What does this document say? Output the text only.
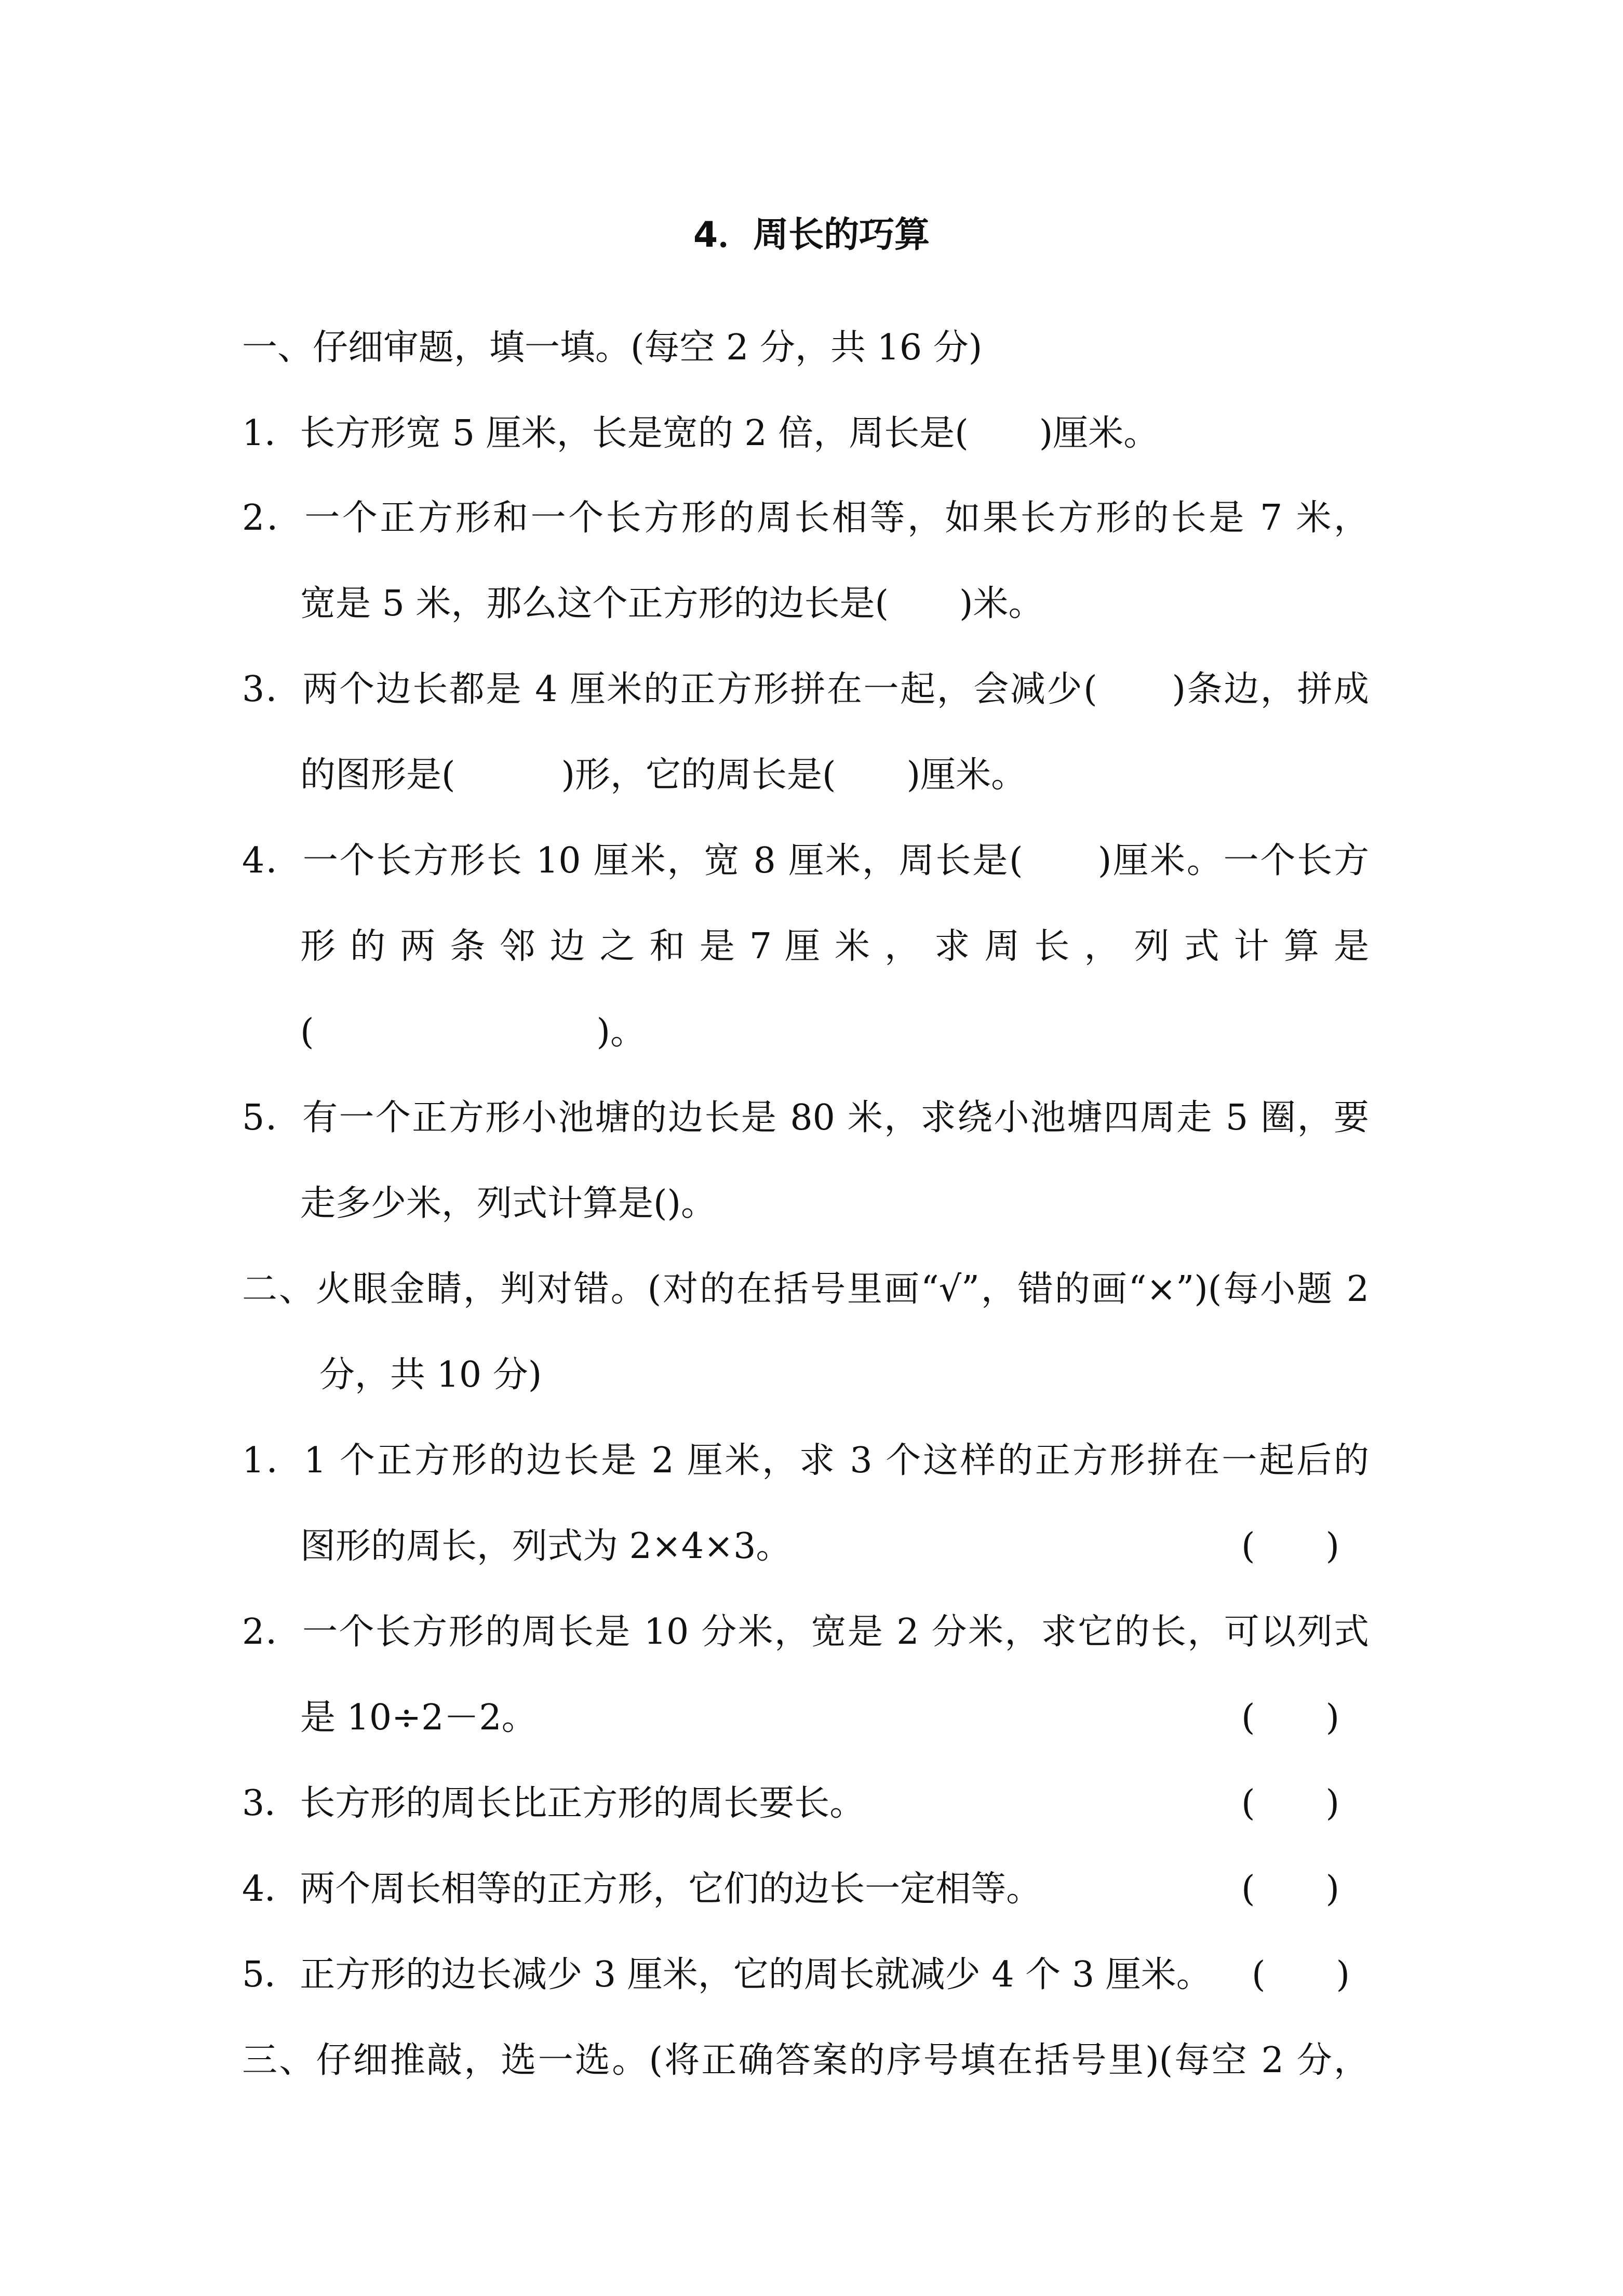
4．周长的巧算
一、仔细审题，填一填。(每空 2 分，共 16 分)
1．长方形宽 5 厘米，长是宽的 2 倍，周长是(　　)厘米。
2．一个正方形和一个长方形的周长相等，如果长方形的长是 7 米，
宽是 5 米，那么这个正方形的边长是(　　)米。
3．两个边长都是 4 厘米的正方形拼在一起，会减少(　　)条边，拼成
的图形是(　　　)形，它的周长是(　　)厘米。
4．一个长方形长 10 厘米，宽 8 厘米，周长是(　　)厘米。一个长方
形 的 两 条 邻 边 之 和 是 7 厘 米 ， 求 周 长 ， 列 式 计 算 是
(　　　　　　　　)。
5．有一个正方形小池塘的边长是 80 米，求绕小池塘四周走 5 圈，要
走多少米，列式计算是()。
二、火眼金睛，判对错。(对的在括号里画“√”，错的画“×”)(每小题 2
分，共 10 分)
1．1 个正方形的边长是 2 厘米，求 3 个这样的正方形拼在一起后的
图形的周长，列式为 2×4×3。	(　　)
2．一个长方形的周长是 10 分米，宽是 2 分米，求它的长，可以列式
是 10÷2－2。	(　　)
3．长方形的周长比正方形的周长要长。	(　　)
4．两个周长相等的正方形，它们的边长一定相等。	(　　)
5．正方形的边长减少 3 厘米，它的周长就减少 4 个 3 厘米。 (　　)
三、仔细推敲，选一选。(将正确答案的序号填在括号里)(每空 2 分，
